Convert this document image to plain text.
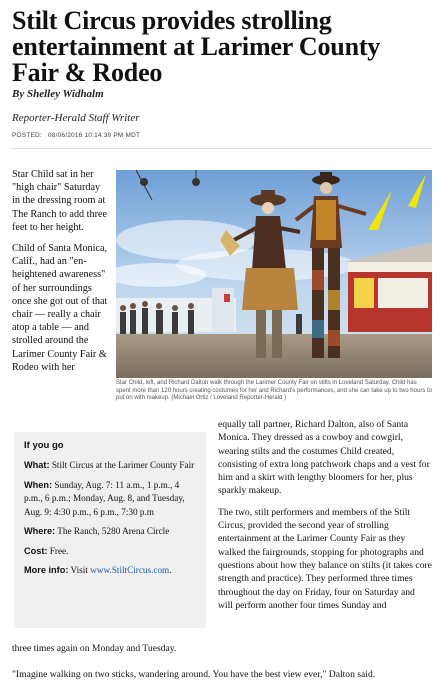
Stilt Circus provides strolling entertainment at Larimer County Fair & Rodeo
By Shelley Widhalm
Reporter-Herald Staff Writer
POSTED: 08/06/2016 10:14:39 PM MDT

Star Child sat in her "high chair" Saturday in the dressing room at The Ranch to add three feet to her height.

Child of Santa Monica, Calif., had an "en-heightened awareness" of her surroundings once she got out of that chair — really a chair atop a table — and strolled around the Larimer County Fair & Rodeo with her

Star Child, left, and Richard Dalton walk through the Larimer County Fair on stilts in Loveland Saturday. Child has spent more than 120 hours creating costumes for her and Richard's performances, and she can take up to two hours to put on with makeup. (Michael Ortiz / Loveland Reporter-Herald )
If you go
What: Stilt Circus at the Larimer County Fair
When: Sunday, Aug. 7: 11 a.m., 1 p.m., 4 p.m., 6 p.m.; Monday, Aug. 8, and Tuesday, Aug. 9: 4:30 p.m., 6 p.m., 7:30 p.m
Where: The Ranch, 5280 Arena Circle
Cost: Free.
More info: Visit www.StiltCircus.com.

equally tall partner, Richard Dalton, also of Santa Monica. They dressed as a cowboy and cowgirl, wearing stilts and the costumes Child created, consisting of extra long patchwork chaps and a vest for him and a skirt with lengthy bloomers for her, plus sparkly makeup.

The two, stilt performers and members of the Stilt Circus, provided the second year of strolling entertainment at the Larimer County Fair as they walked the fairgrounds, stopping for photographs and questions about how they balance on stilts (it takes core strength and practice). They performed three times throughout the day on Friday, four on Saturday and will perform another four times Sunday and

three times again on Monday and Tuesday.
"Imagine walking on two sticks, wandering around. You have the best view ever," Dalton said.
